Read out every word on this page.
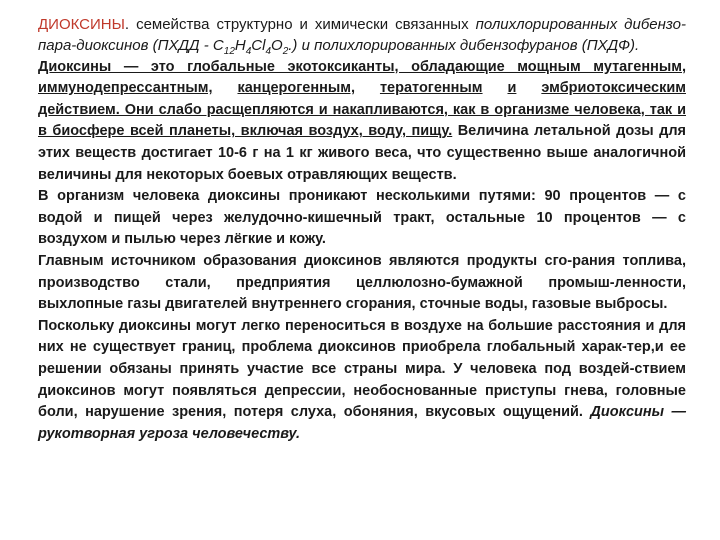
ДИОКСИНЫ. семейства структурно и химически связанных полихлорированных дибензо-пара-диоксинов (ПХДД - $С_{12}Н_4Cl_4О_2$.) и полихлорированных дибензофуранов (ПХДФ).

Диоксины — это глобальные экотоксиканты, обладающие мощным мутагенным, иммунодепрессантным, канцерогенным, тератогенным и эмбриотоксическим действием. Они слабо расщепляются и накапливаются, как в организме человека, так и в биосфере всей планеты, включая воздух, воду, пищу. Величина летальной дозы для этих веществ достигает 10-6 г на 1 кг живого веса, что существенно выше аналогичной величины для некоторых боевых отравляющих веществ.

В организм человека диоксины проникают несколькими путями: 90 процентов — с водой и пищей через желудочно-кишечный тракт, остальные 10 процентов — с воздухом и пылью через лёгкие и кожу.

Главным источником образования диоксинов являются продукты сго-рания топлива, производство стали, предприятия целлюлозно-бумажной промыш-ленности, выхлопные газы двигателей внутреннего сгорания, сточные воды, газовые выбросы.

Поскольку диоксины могут легко переноситься в воздухе на большие расстояния и для них не существует границ, проблема диоксинов приобрела глобальный харак-тер,и ее решении обязаны принять участие все страны мира. У человека под воздей-ствием диоксинов могут появляться депрессии, необоснованные приступы гнева, головные боли, нарушение зрения, потеря слуха, обоняния, вкусовых ощущений. Диоксины — рукотворная угроза человечеству.
